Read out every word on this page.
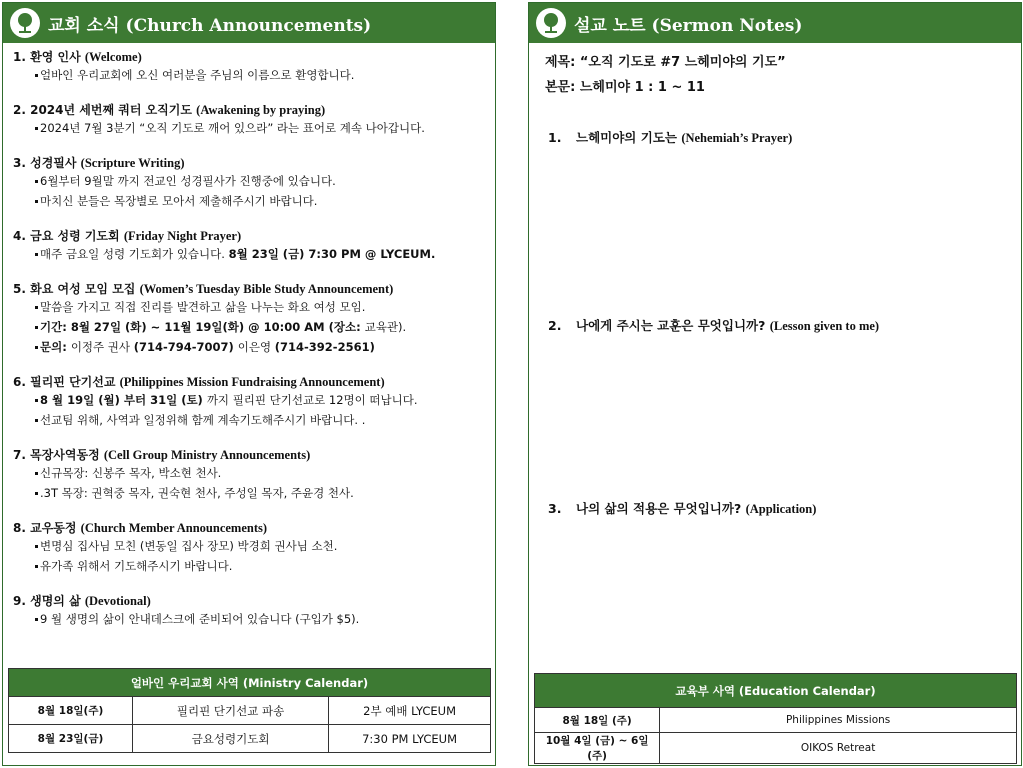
교회 소식 (Church Announcements)
1. 환영 인사 (Welcome)
얼바인 우리교회에 오신 여러분을 주님의 이름으로 환영합니다.
2. 2024년 세번째 쿼터 오직기도 (Awakening by praying)
2024년 7월 3분기 “오직 기도로 깨어 있으라” 라는 표어로 계속 나아갑니다.
3. 성경필사 (Scripture Writing)
6월부터 9월말 까지 전교인 성경필사가 진행중에 있습니다.
마치신 분들은 목장별로 모아서 제출해주시기 바랍니다.
4. 금요 성령 기도회 (Friday Night Prayer)
매주 금요일 성령 기도회가 있습니다. 8월 23일 (금) 7:30 PM @ LYCEUM.
5. 화요 여성 모임 모집 (Women’s Tuesday Bible Study Announcement)
말씀을 가지고 직접 진리를 발견하고 삶을 나누는 화요 여성 모임.
기간: 8월 27일 (화) ~ 11월 19일(화) @ 10:00 AM (장소: 교육관).
문의: 이정주 권사 (714-794-7007) 이은영 (714-392-2561)
6. 필리핀 단기선교 (Philippines Mission Fundraising Announcement)
8 월 19일 (월) 부터 31일 (토) 까지 필리핀 단기선교로 12명이 떠납니다.
선교팀 위해, 사역과 일정위해 함께 계속기도해주시기 바랍니다. .
7. 목장사역동정 (Cell Group Ministry Announcements)
신규목장: 신봉주 목자, 박소현 천사.
.3T 목장: 권혁중 목자, 권숙현 천사, 주성일 목자, 주윤경 천사.
8. 교우동정 (Church Member Announcements)
변명심 집사님 모친 (변동일 집사 장모) 박경희 권사님 소천.
유가족 위해서 기도해주시기 바랍니다.
9. 생명의 삶 (Devotional)
9 월 생명의 삶이 안내데스크에 준비되어 있습니다 (구입가 $5).
얼바인 우리교회 사역 (Ministry Calendar)		
8월 18일(주)	필리핀 단기선교 파송	2부 예배 LYCEUM
8월 23일(금)	금요성령기도회	7:30 PM LYCEUM
설교 노트 (Sermon Notes)
제목: “오직 기도로 #7 느헤미야의 기도”
본문: 느헤미야 1 : 1 ~ 11
1. 느헤미야의 기도는 (Nehemiah’s Prayer)
2. 나에게 주시는 교훈은 무엇입니까? (Lesson given to me)
3. 나의 삶의 적용은 무엇입니까? (Application)
교육부 사역 (Education Calendar)	
8월 18일 (주)	Philippines Missions
10월 4일 (금) ~ 6일 (주)	OIKOS Retreat
